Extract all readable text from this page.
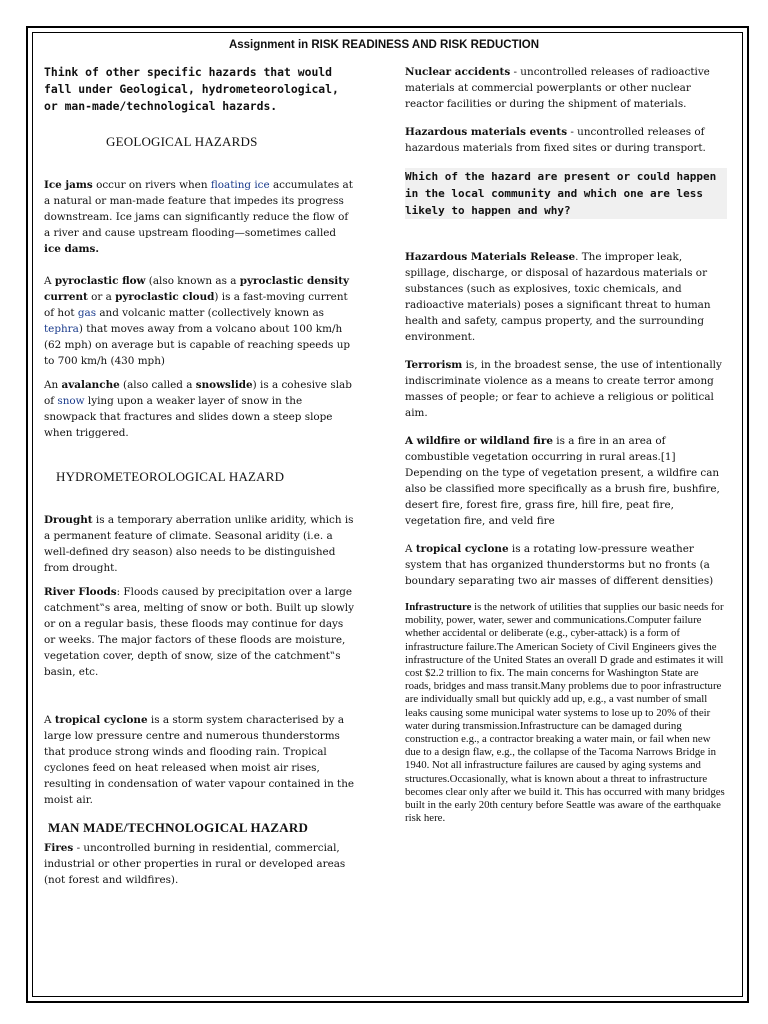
Assignment in RISK READINESS AND RISK REDUCTION

Think of other specific hazards that would fall under Geological, hydrometeorological, or man-made/technological hazards.

GEOLOGICAL HAZARDS

Ice jams occur on rivers when floating ice accumulates at a natural or man-made feature that impedes its progress downstream. Ice jams can significantly reduce the flow of a river and cause upstream flooding—sometimes called ice dams.

A pyroclastic flow (also known as a pyroclastic density current or a pyroclastic cloud) is a fast-moving current of hot gas and volcanic matter (collectively known as tephra) that moves away from a volcano about 100 km/h (62 mph) on average but is capable of reaching speeds up to 700 km/h (430 mph)

An avalanche (also called a snowslide) is a cohesive slab of snow lying upon a weaker layer of snow in the snowpack that fractures and slides down a steep slope when triggered.

HYDROMETEOROLOGICAL HAZARD

Drought is a temporary aberration unlike aridity, which is a permanent feature of climate. Seasonal aridity (i.e. a well-defined dry season) also needs to be distinguished from drought.

River Floods: Floods caused by precipitation over a large catchment‟s area, melting of snow or both. Built up slowly or on a regular basis, these floods may continue for days or weeks. The major factors of these floods are moisture, vegetation cover, depth of snow, size of the catchment‟s basin, etc.

A tropical cyclone is a storm system characterised by a large low pressure centre and numerous thunderstorms that produce strong winds and flooding rain. Tropical cyclones feed on heat released when moist air rises, resulting in condensation of water vapour contained in the moist air.

MAN MADE/TECHNOLOGICAL HAZARD

Fires - uncontrolled burning in residential, commercial, industrial or other properties in rural or developed areas (not forest and wildfires).

Nuclear accidents - uncontrolled releases of radioactive materials at commercial powerplants or other nuclear reactor facilities or during the shipment of materials.

Hazardous materials events - uncontrolled releases of hazardous materials from fixed sites or during transport.

Which of the hazard are present or could happen in the local community and which one are less likely to happen and why?

Hazardous Materials Release. The improper leak, spillage, discharge, or disposal of hazardous materials or substances (such as explosives, toxic chemicals, and radioactive materials) poses a significant threat to human health and safety, campus property, and the surrounding environment.

Terrorism is, in the broadest sense, the use of intentionally indiscriminate violence as a means to create terror among masses of people; or fear to achieve a religious or political aim.

A wildfire or wildland fire is a fire in an area of combustible vegetation occurring in rural areas.[1] Depending on the type of vegetation present, a wildfire can also be classified more specifically as a brush fire, bushfire, desert fire, forest fire, grass fire, hill fire, peat fire, vegetation fire, and veld fire

A tropical cyclone is a rotating low-pressure weather system that has organized thunderstorms but no fronts (a boundary separating two air masses of different densities)

Infrastructure is the network of utilities that supplies our basic needs for mobility, power, water, sewer and communications.Computer failure whether accidental or deliberate (e.g., cyber-attack) is a form of infrastructure failure.The American Society of Civil Engineers gives the infrastructure of the United States an overall D grade and estimates it will cost $2.2 trillion to fix. The main concerns for Washington State are roads, bridges and mass transit.Many problems due to poor infrastructure are individually small but quickly add up, e.g., a vast number of small leaks causing some municipal water systems to lose up to 20% of their water during transmission.Infrastructure can be damaged during construction e.g., a contractor breaking a water main, or fail when new due to a design flaw, e.g., the collapse of the Tacoma Narrows Bridge in 1940. Not all infrastructure failures are caused by aging systems and structures.Occasionally, what is known about a threat to infrastructure becomes clear only after we build it. This has occurred with many bridges built in the early 20th century before Seattle was aware of the earthquake risk here.
